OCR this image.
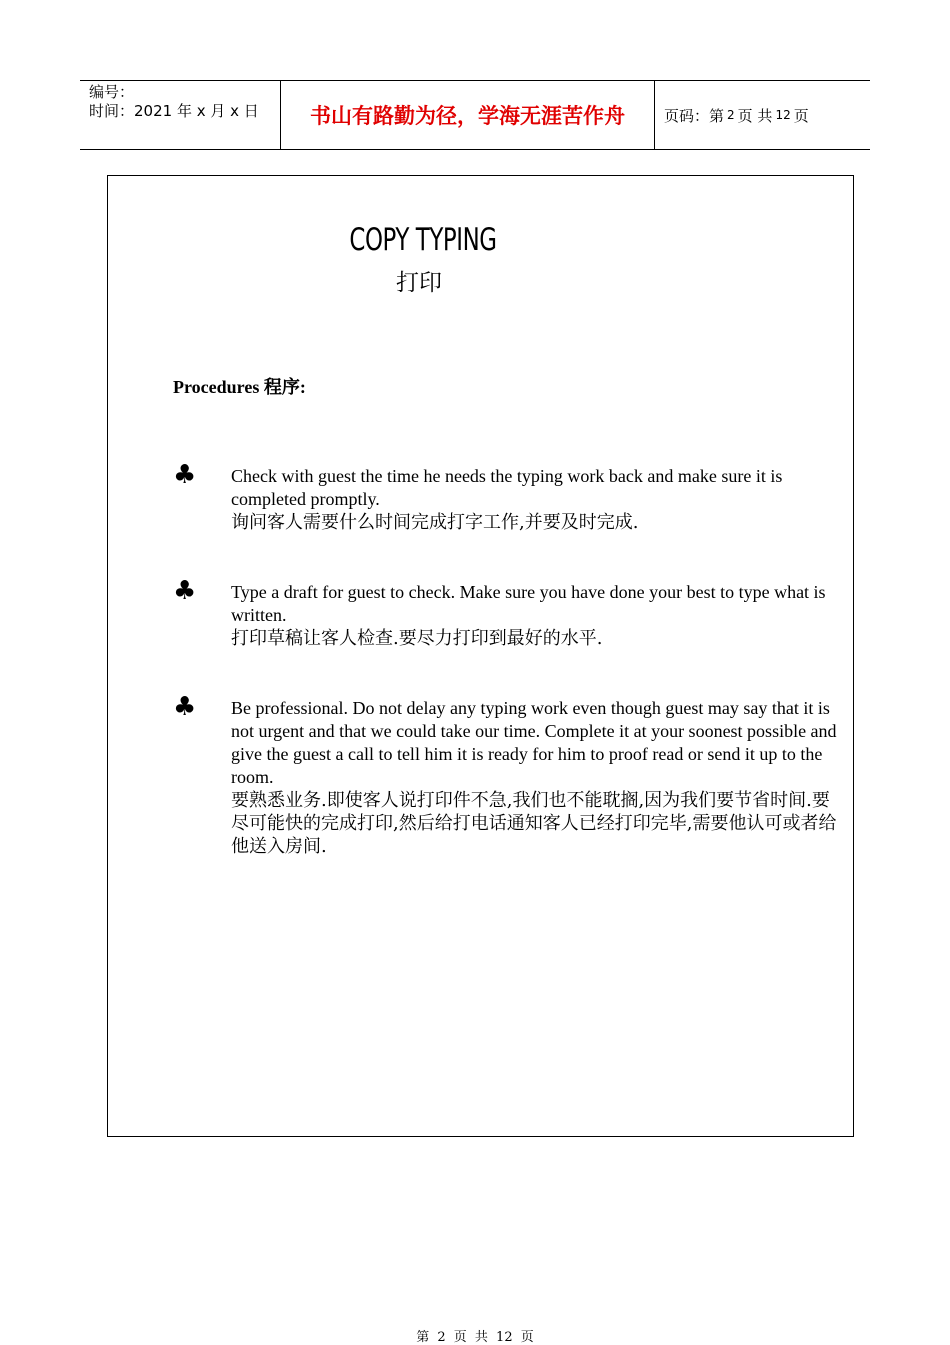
编号：
时间：2021 年 x 月 x 日	书山有路勤为径，学海无涯苦作舟	页码：第 2 页 共 12 页
COPY TYPING
打印
Procedures 程序:
♣ Check with guest the time he needs the typing work back and make sure it is completed promptly.
询问客人需要什么时间完成打字工作,并要及时完成.
♣ Type a draft for guest to check. Make sure you have done your best to type what is written.
打印草稿让客人检查.要尽力打印到最好的水平.
♣ Be professional. Do not delay any typing work even though guest may say that it is not urgent and that we could take our time. Complete it at your soonest possible and give the guest a call to tell him it is ready for him to proof read or send it up to the room.
要熟悉业务.即使客人说打印件不急,我们也不能耽搁,因为我们要节省时间.要尽可能快的完成打印,然后给打电话通知客人已经打印完毕,需要他认可或者给他送入房间.
第 2 页 共 12 页
